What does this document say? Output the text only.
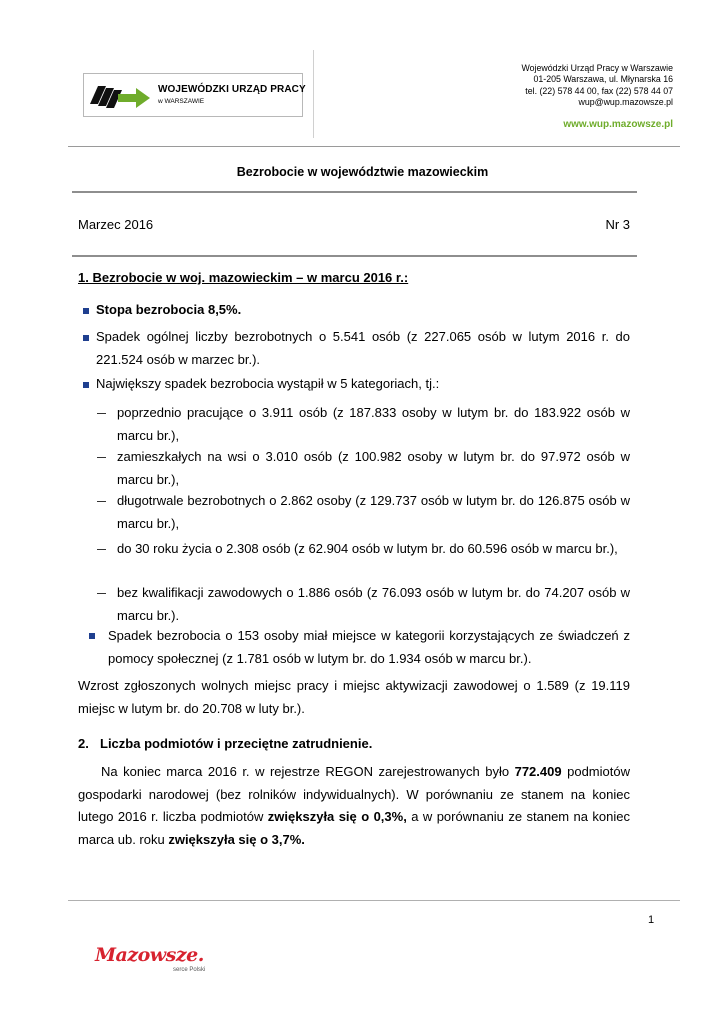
WOJEWÓDZKI URZĄD PRACY
w WARSZAWIE
Wojewódzki Urząd Pracy w Warszawie
01-205 Warszawa, ul. Młynarska 16
tel. (22) 578 44 00, fax (22) 578 44 07
wup@wup.mazowsze.pl
www.wup.mazowsze.pl
Bezrobocie w województwie mazowieckim
Marzec 2016	Nr 3
1. Bezrobocie w woj. mazowieckim – w marcu 2016 r.:
Stopa bezrobocia 8,5%.
Spadek ogólnej liczby bezrobotnych o 5.541 osób (z 227.065 osób w lutym 2016 r. do 221.524 osób w marzec br.).
Największy spadek bezrobocia wystąpił w 5 kategoriach, tj.:
poprzednio pracujące o 3.911 osób (z 187.833 osoby w lutym br. do 183.922 osób w marcu br.),
zamieszkałych na wsi o 3.010 osób (z 100.982 osoby w lutym br. do 97.972 osób w marcu br.),
długotrwale bezrobotnych o 2.862 osoby (z 129.737 osób w lutym br. do 126.875 osób w marcu br.),
do 30 roku życia o 2.308 osób (z 62.904 osób w lutym br. do 60.596 osób w marcu br.),
bez kwalifikacji zawodowych o 1.886 osób (z 76.093 osób w lutym br. do 74.207 osób w marcu br.).
Spadek bezrobocia o 153 osoby miał miejsce w kategorii korzystających ze świadczeń z pomocy społecznej (z 1.781 osób w lutym br. do 1.934 osób w marcu br.).
Wzrost zgłoszonych wolnych miejsc pracy i miejsc aktywizacji zawodowej o 1.589 (z 19.119 miejsc w lutym br. do 20.708 w luty br.).
2. Liczba podmiotów i przeciętne zatrudnienie.
Na koniec marca 2016 r. w rejestrze REGON zarejestrowanych było 772.409 podmiotów gospodarki narodowej (bez rolników indywidualnych). W porównaniu ze stanem na koniec lutego 2016 r. liczba podmiotów zwiększyła się o 0,3%, a w porównaniu ze stanem na koniec marca ub. roku zwiększyła się o 3,7%.
1
Mazowsze.
serce Polski
